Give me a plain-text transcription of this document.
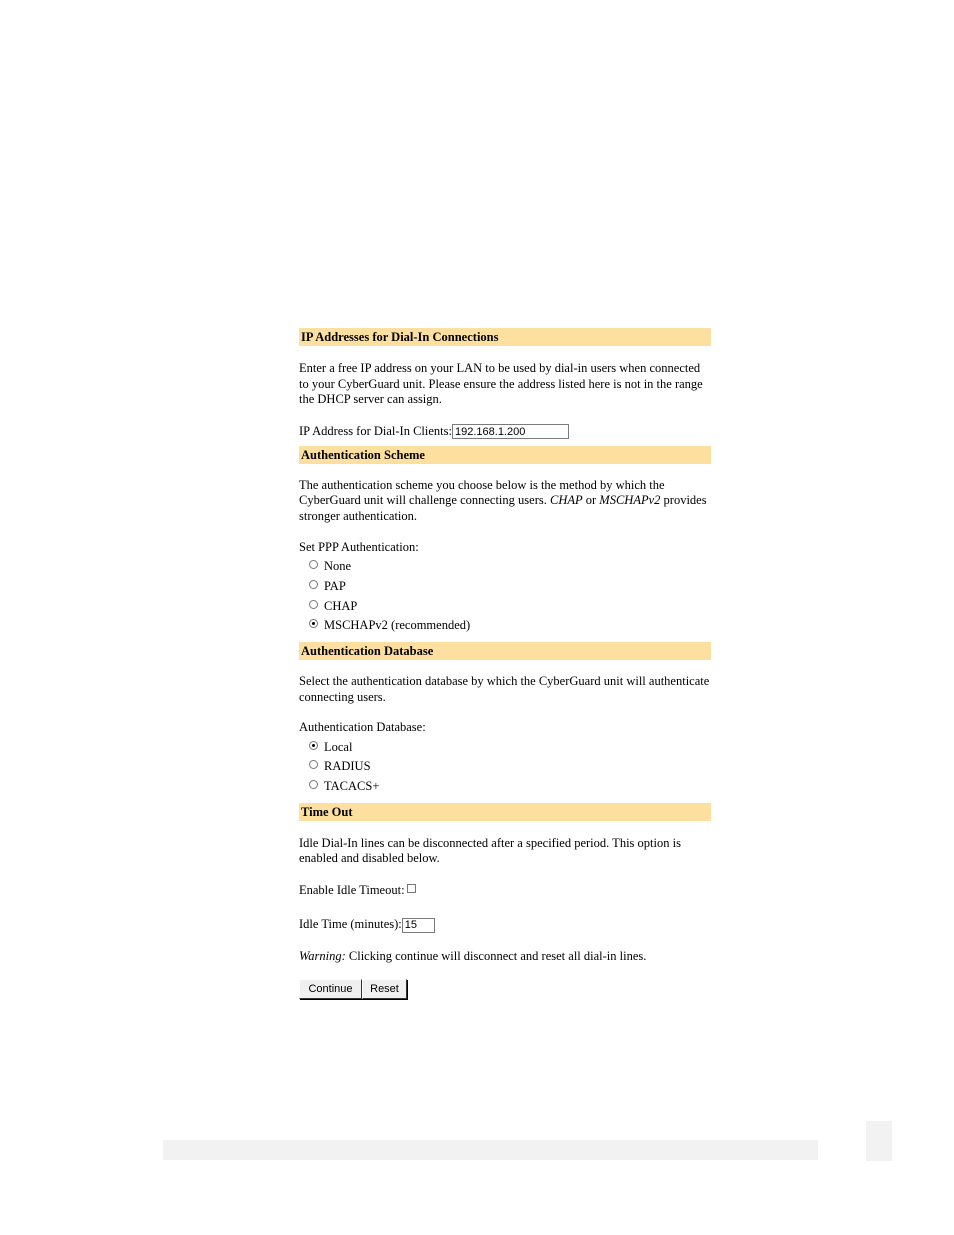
IP Addresses for Dial-In Connections

Enter a free IP address on your LAN to be used by dial-in users when connected

to your CyberGuard unit. Please ensure the address listed here is not in the range

the DHCP server can assign.

IP Address for Dial-In Clients:192.168.1.200
Authentication Scheme

The authentication scheme you choose below is the method by which the

CyberGuard unit will challenge connecting users. CHAP or MSCHAPv2 provides

stronger authentication.

Set PPP Authentication:
None
PAP
CHAP
MSCHAPv2 (recommended)
Authentication Database

Select the authentication database by which the CyberGuard unit will authenticate

connecting users.

Authentication Database:
Local
RADIUS
TACACS+
Time Out

Idle Dial-In lines can be disconnected after a specified period. This option is

enabled and disabled below.

Enable Idle Timeout:
Idle Time (minutes):15
Warning: Clicking continue will disconnect and reset all dial-in lines.
Continue Reset
